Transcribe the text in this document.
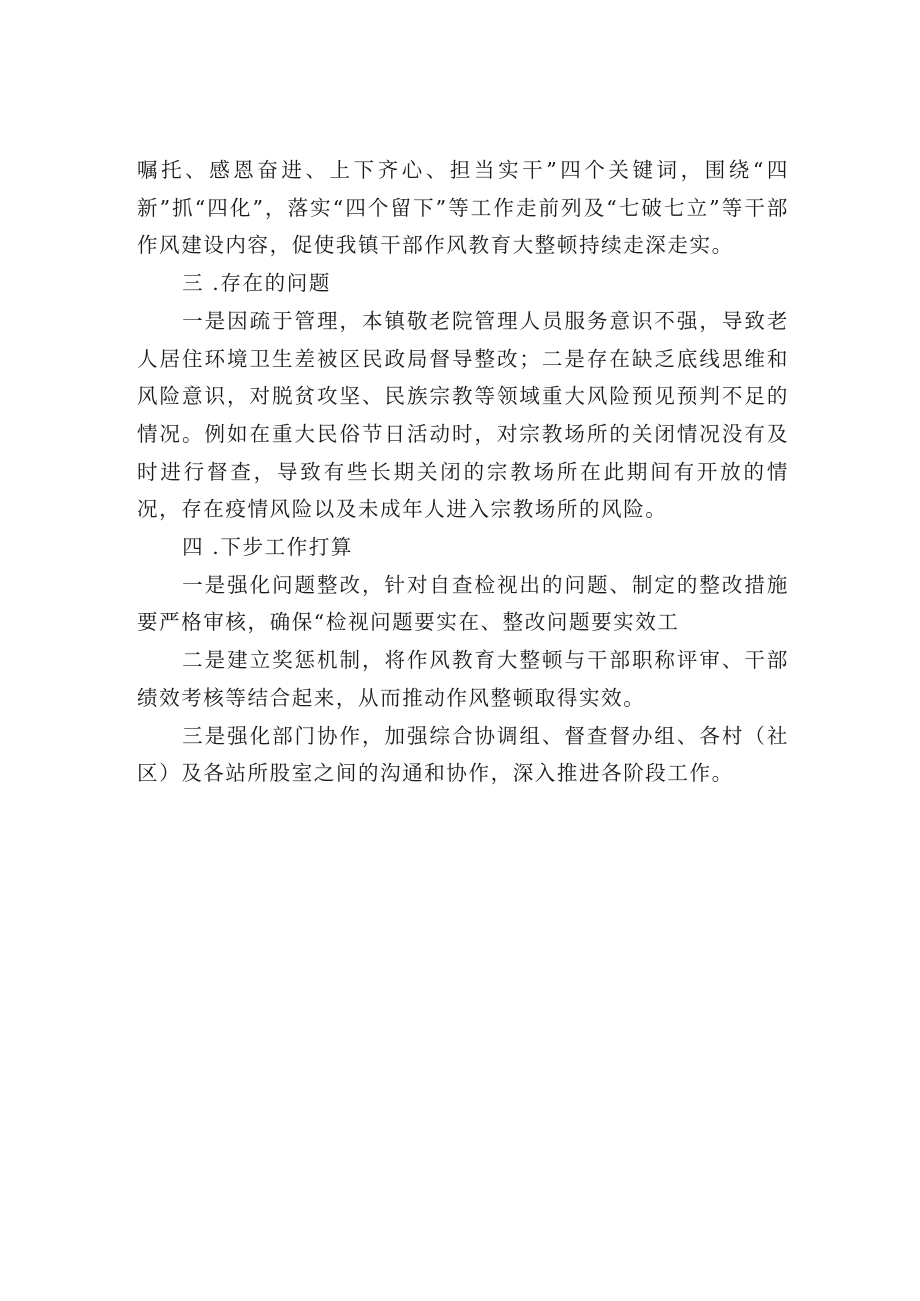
嘱托、感恩奋进、上下齐心、担当实干”四个关键词，围绕“四新”抓“四化”，落实“四个留下”等工作走前列及“七破七立”等干部作风建设内容，促使我镇干部作风教育大整顿持续走深走实。

三 .存在的问题

一是因疏于管理，本镇敬老院管理人员服务意识不强，导致老人居住环境卫生差被区民政局督导整改；二是存在缺乏底线思维和风险意识，对脱贫攻坚、民族宗教等领域重大风险预见预判不足的情况。例如在重大民俗节日活动时，对宗教场所的关闭情况没有及时进行督查，导致有些长期关闭的宗教场所在此期间有开放的情况，存在疫情风险以及未成年人进入宗教场所的风险。

四 .下步工作打算

一是强化问题整改，针对自查检视出的问题、制定的整改措施要严格审核，确保“检视问题要实在、整改问题要实效工

二是建立奖惩机制，将作风教育大整顿与干部职称评审、干部绩效考核等结合起来，从而推动作风整顿取得实效。

三是强化部门协作，加强综合协调组、督查督办组、各村（社区）及各站所股室之间的沟通和协作，深入推进各阶段工作。
